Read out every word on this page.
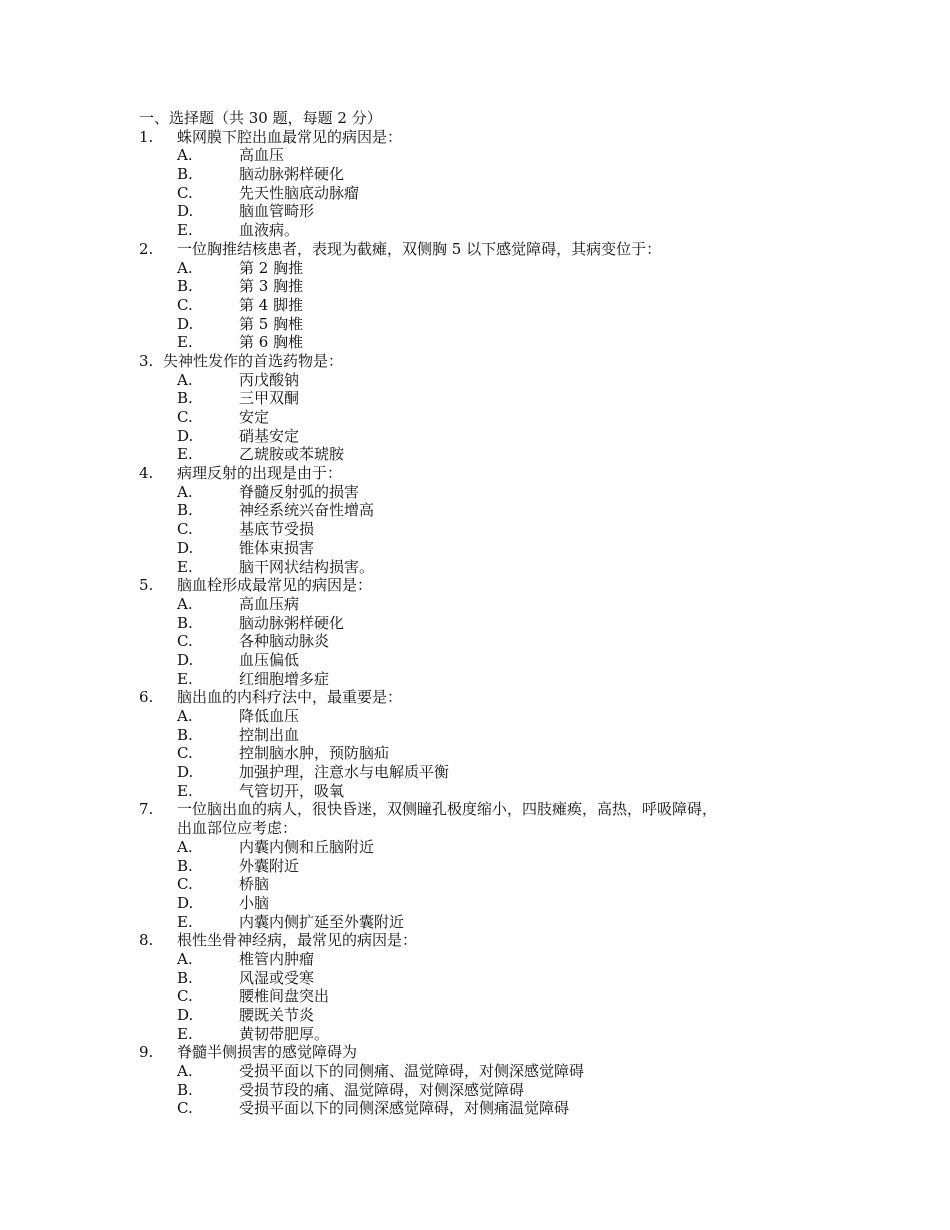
一、选择题（共 30 题，每题 2 分）
1.	蛛网膜下腔出血最常见的病因是：
A.	高血压
B.	脑动脉粥样硬化
C.	先天性脑底动脉瘤
D.	脑血管畸形
E.	血液病。
2.	一位胸推结核患者，表现为截瘫，双侧胸 5 以下感觉障碍，其病变位于：
A.	第 2 胸推
B.	第 3 胸推
C.	第 4 脚推
D.	第 5 胸椎
E.	第 6 胸椎
3. 失神性发作的首选药物是：
A.	丙戊酸钠
B.	三甲双酮
C.	安定
D.	硝基安定
E.	乙琥胺或苯琥胺
4.	病理反射的出现是由于：
A.	脊髓反射弧的损害
B.	神经系统兴奋性增高
C.	基底节受损
D.	锥体束损害
E.	脑干网状结构损害。
5.	脑血栓形成最常见的病因是：
A.	高血压病
B.	脑动脉粥样硬化
C.	各种脑动脉炎
D.	血压偏低
E.	红细胞增多症
6.	脑出血的内科疗法中，最重要是：
A.	降低血压
B.	控制出血
C.	控制脑水肿，预防脑疝
D.	加强护理，注意水与电解质平衡
E.	气管切开，吸氧
7.	一位脑出血的病人，很快昏迷，双侧瞳孔极度缩小，四肢瘫痪，高热，呼吸障碍，
出血部位应考虑：
A.	内囊内侧和丘脑附近
B.	外囊附近
C.	桥脑
D.	小脑
E.	内囊内侧扩延至外囊附近
8.	根性坐骨神经病，最常见的病因是：
A.	椎管内肿瘤
B.	风湿或受寒
C.	腰椎间盘突出
D.	腰既关节炎
E.	黄韧带肥厚。
9.	脊髓半侧损害的感觉障碍为
A.	受损平面以下的同侧痛、温觉障碍，对侧深感觉障碍
B.	受损节段的痛、温觉障碍，对侧深感觉障碍
C.	受损平面以下的同侧深感觉障碍，对侧痛温觉障碍
